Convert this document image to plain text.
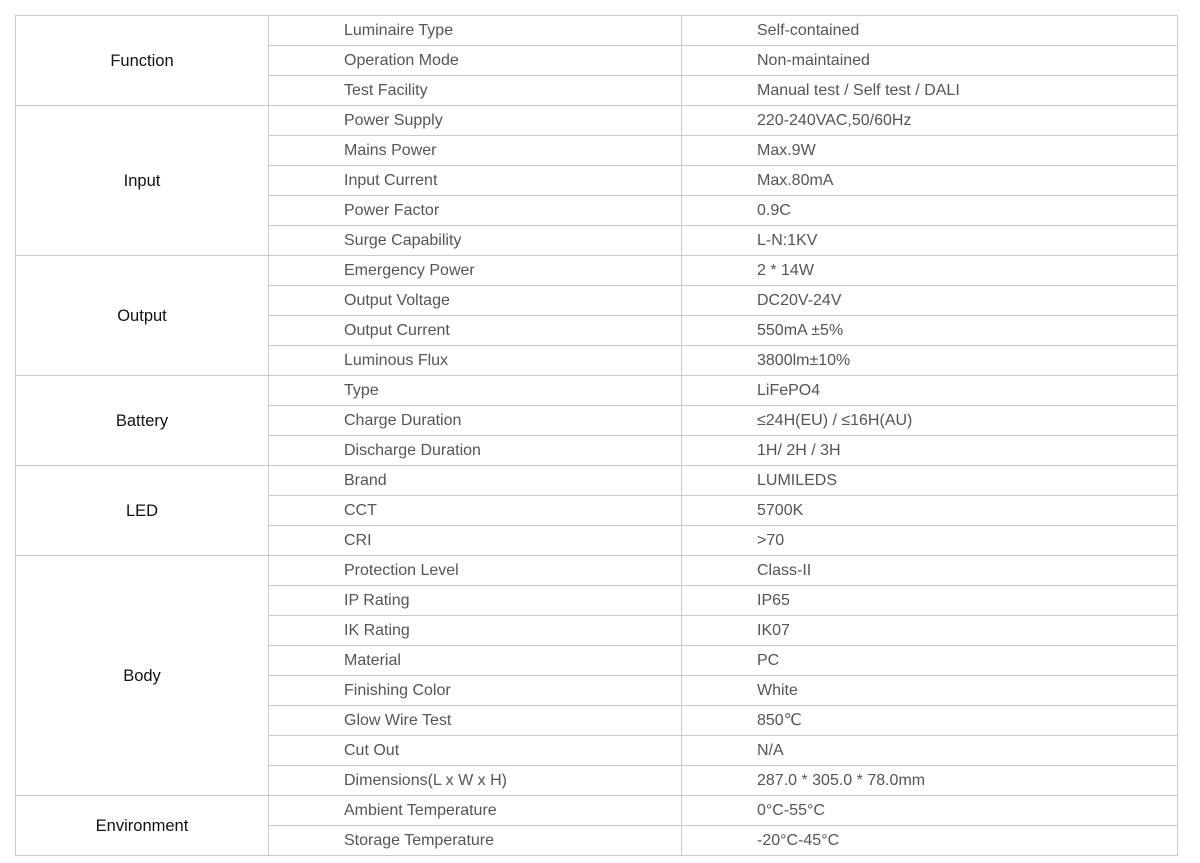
Function	Luminaire Type	Self-contained
	Operation Mode	Non-maintained
	Test Facility	Manual test / Self test / DALI
Input	Power Supply	220-240VAC,50/60Hz
	Mains Power	Max.9W
	Input Current	Max.80mA
	Power Factor	0.9C
	Surge Capability	L-N:1KV
Output	Emergency Power	2 * 14W
	Output Voltage	DC20V-24V
	Output Current	550mA ±5%
	Luminous Flux	3800lm±10%
Battery	Type	LiFePO4
	Charge Duration	≤24H(EU) / ≤16H(AU)
	Discharge Duration	1H/ 2H / 3H
LED	Brand	LUMILEDS
	CCT	5700K
	CRI	>70
Body	Protection Level	Class-II
	IP Rating	IP65
	IK Rating	IK07
	Material	PC
	Finishing Color	White
	Glow Wire Test	850℃
	Cut Out	N/A
	Dimensions(L x W x H)	287.0 * 305.0 * 78.0mm
Environment	Ambient Temperature	0°C-55°C
	Storage Temperature	-20°C-45°C
